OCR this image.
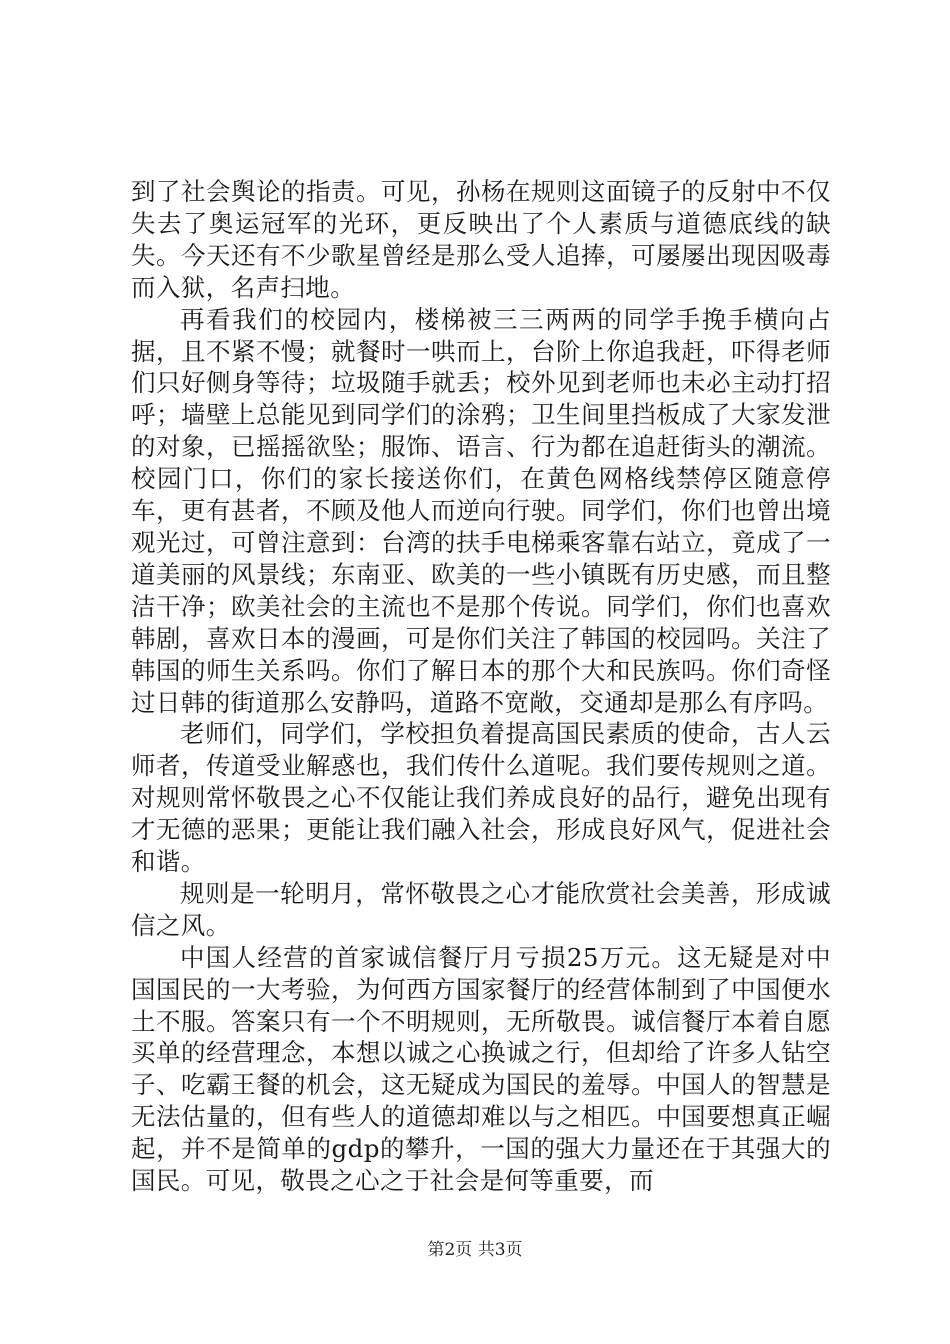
到了社会舆论的指责。可见，孙杨在规则这面镜子的反射中不仅失去了奥运冠军的光环，更反映出了个人素质与道德底线的缺失。今天还有不少歌星曾经是那么受人追捧，可屡屡出现因吸毒而入狱，名声扫地。

再看我们的校园内，楼梯被三三两两的同学手挽手横向占据，且不紧不慢；就餐时一哄而上，台阶上你追我赶，吓得老师们只好侧身等待；垃圾随手就丢；校外见到老师也未必主动打招呼；墙壁上总能见到同学们的涂鸦；卫生间里挡板成了大家发泄的对象，已摇摇欲坠；服饰、语言、行为都在追赶街头的潮流。校园门口，你们的家长接送你们，在黄色网格线禁停区随意停车，更有甚者，不顾及他人而逆向行驶。同学们，你们也曾出境观光过，可曾注意到：台湾的扶手电梯乘客靠右站立，竟成了一道美丽的风景线；东南亚、欧美的一些小镇既有历史感，而且整洁干净；欧美社会的主流也不是那个传说。同学们，你们也喜欢韩剧，喜欢日本的漫画，可是你们关注了韩国的校园吗。关注了韩国的师生关系吗。你们了解日本的那个大和民族吗。你们奇怪过日韩的街道那么安静吗，道路不宽敞，交通却是那么有序吗。

老师们，同学们，学校担负着提高国民素质的使命，古人云师者，传道受业解惑也，我们传什么道呢。我们要传规则之道。对规则常怀敬畏之心不仅能让我们养成良好的品行，避免出现有才无德的恶果；更能让我们融入社会，形成良好风气，促进社会和谐。

规则是一轮明月，常怀敬畏之心才能欣赏社会美善，形成诚信之风。

中国人经营的首家诚信餐厅月亏损25万元。这无疑是对中国国民的一大考验，为何西方国家餐厅的经营体制到了中国便水土不服。答案只有一个不明规则，无所敬畏。诚信餐厅本着自愿买单的经营理念，本想以诚之心换诚之行，但却给了许多人钻空子、吃霸王餐的机会，这无疑成为国民的羞辱。中国人的智慧是无法估量的，但有些人的道德却难以与之相匹。中国要想真正崛起，并不是简单的gdp的攀升，一国的强大力量还在于其强大的国民。可见，敬畏之心之于社会是何等重要，而

第2页 共3页
